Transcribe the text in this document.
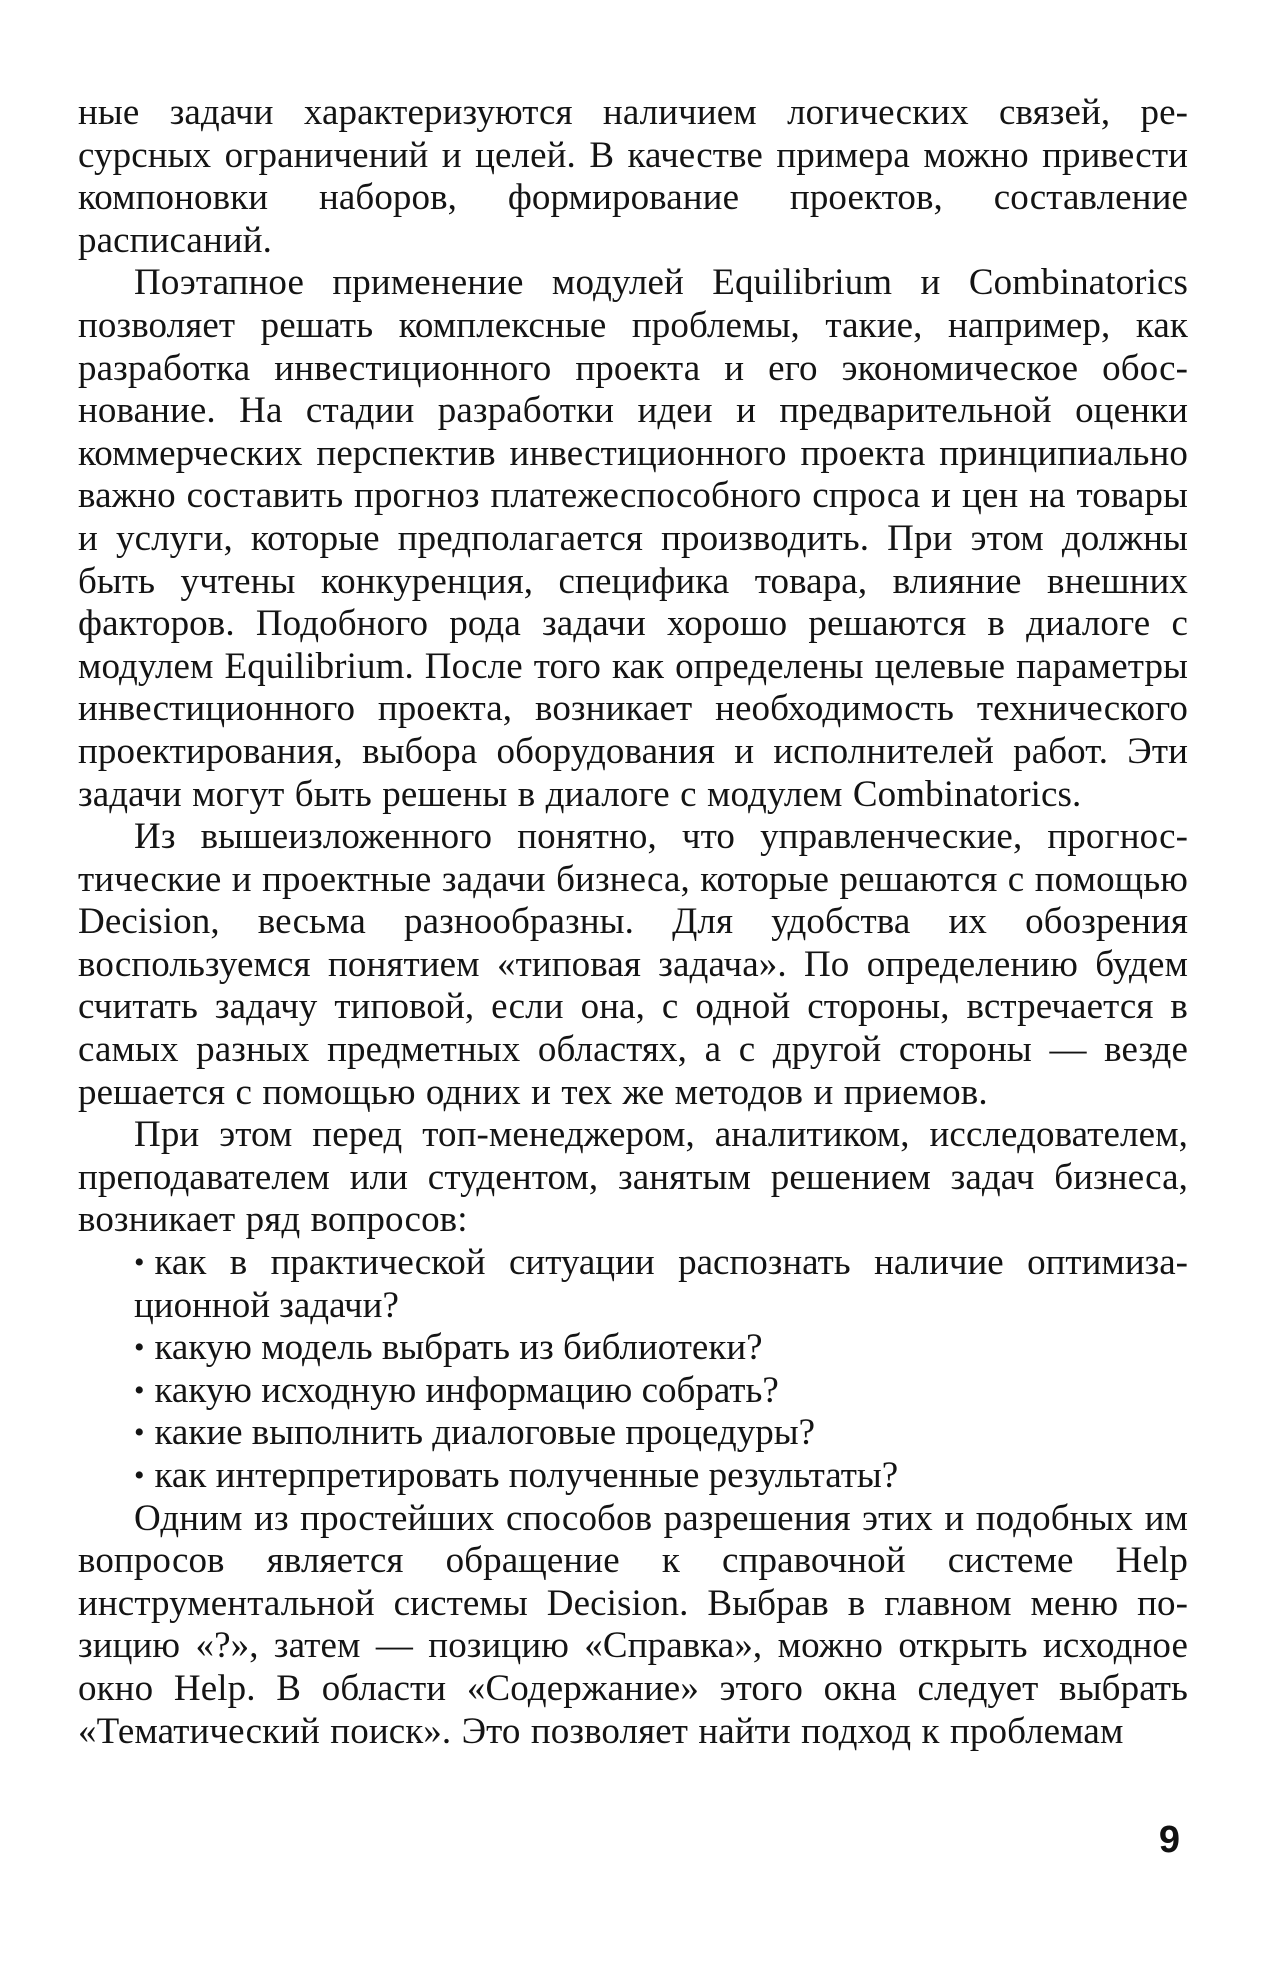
ные задачи характеризуются наличием логических связей, ресурсных ограничений и целей. В качестве примера можно привести компоновки наборов, формирование проектов, составление расписаний.

Поэтапное применение модулей Equilibrium и Combinatorics позволяет решать комплексные проблемы, такие, например, как разработка инвестиционного проекта и его экономическое обоснование. На стадии разработки идеи и предварительной оценки коммерческих перспектив инвестиционного проекта принципиально важно составить прогноз платежеспособного спроса и цен на товары и услуги, которые предполагается производить. При этом должны быть учтены конкуренция, специфика товара, влияние внешних факторов. Подобного рода задачи хорошо решаются в диалоге с модулем Equilibrium. После того как определены целевые параметры инвестиционного проекта, возникает необходимость технического проектирования, выбора оборудования и исполнителей работ. Эти задачи могут быть решены в диалоге с модулем Combinatorics.

Из вышеизложенного понятно, что управленческие, прогностические и проектные задачи бизнеса, которые решаются с помощью Decision, весьма разнообразны. Для удобства их обозрения воспользуемся понятием «типовая задача». По определению будем считать задачу типовой, если она, с одной стороны, встречается в самых разных предметных областях, а с другой стороны — везде решается с помощью одних и тех же методов и приемов.

При этом перед топ-менеджером, аналитиком, исследователем, преподавателем или студентом, занятым решением задач бизнеса, возникает ряд вопросов:

• как в практической ситуации распознать наличие оптимизационной задачи?
• какую модель выбрать из библиотеки?
• какую исходную информацию собрать?
• какие выполнить диалоговые процедуры?
• как интерпретировать полученные результаты?

Одним из простейших способов разрешения этих и подобных им вопросов является обращение к справочной системе Help инструментальной системы Decision. Выбрав в главном меню позицию «?», затем — позицию «Справка», можно открыть исходное окно Help. В области «Содержание» этого окна следует выбрать «Тематический поиск». Это позволяет найти подход к проблемам

9
